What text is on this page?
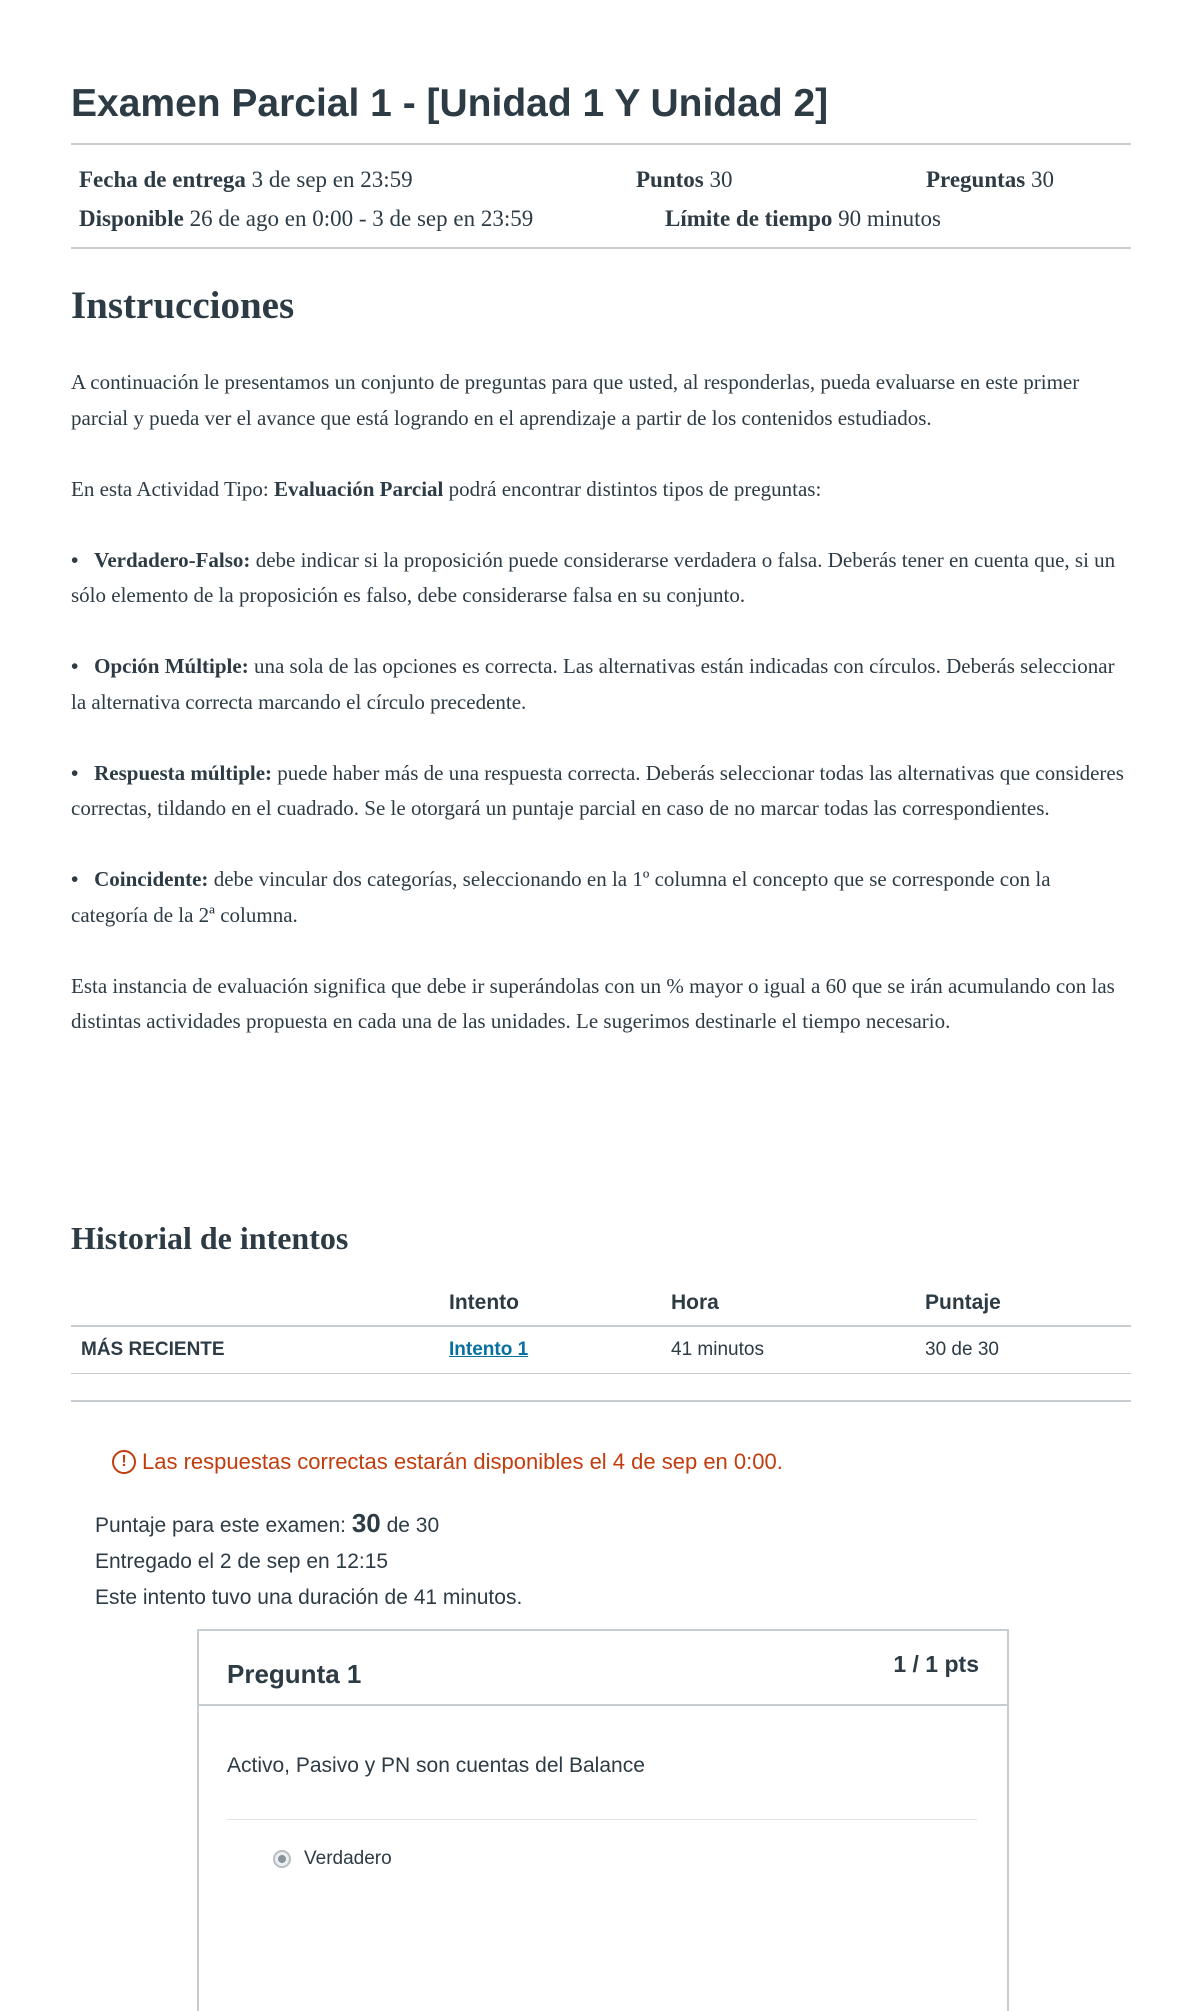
Examen Parcial 1 - [Unidad 1 Y Unidad 2]
Fecha de entrega 3 de sep en 23:59	Puntos 30	Preguntas 30
Disponible 26 de ago en 0:00 - 3 de sep en 23:59	Límite de tiempo 90 minutos
Instrucciones

A continuación le presentamos un conjunto de preguntas para que usted, al responderlas, pueda evaluarse en este primer parcial y pueda ver el avance que está logrando en el aprendizaje a partir de los contenidos estudiados.

En esta Actividad Tipo: Evaluación Parcial podrá encontrar distintos tipos de preguntas:

• Verdadero-Falso: debe indicar si la proposición puede considerarse verdadera o falsa. Deberás tener en cuenta que, si un sólo elemento de la proposición es falso, debe considerarse falsa en su conjunto.

• Opción Múltiple: una sola de las opciones es correcta. Las alternativas están indicadas con círculos. Deberás seleccionar la alternativa correcta marcando el círculo precedente.

• Respuesta múltiple: puede haber más de una respuesta correcta. Deberás seleccionar todas las alternativas que consideres correctas, tildando en el cuadrado. Se le otorgará un puntaje parcial en caso de no marcar todas las correspondientes.

• Coincidente: debe vincular dos categorías, seleccionando en la 1º columna el concepto que se corresponde con la categoría de la 2ª columna.

Esta instancia de evaluación significa que debe ir superándolas con un % mayor o igual a 60 que se irán acumulando con las distintas actividades propuesta en cada una de las unidades. Le sugerimos destinarle el tiempo necesario.

Historial de intentos
	Intento	Hora	Puntaje
MÁS RECIENTE	Intento 1	41 minutos	30 de 30
! Las respuestas correctas estarán disponibles el 4 de sep en 0:00.
Puntaje para este examen: 30 de 30
Entregado el 2 de sep en 12:15
Este intento tuvo una duración de 41 minutos.
Pregunta 1	1 / 1 pts
Activo, Pasivo y PN son cuentas del Balance
Verdadero
